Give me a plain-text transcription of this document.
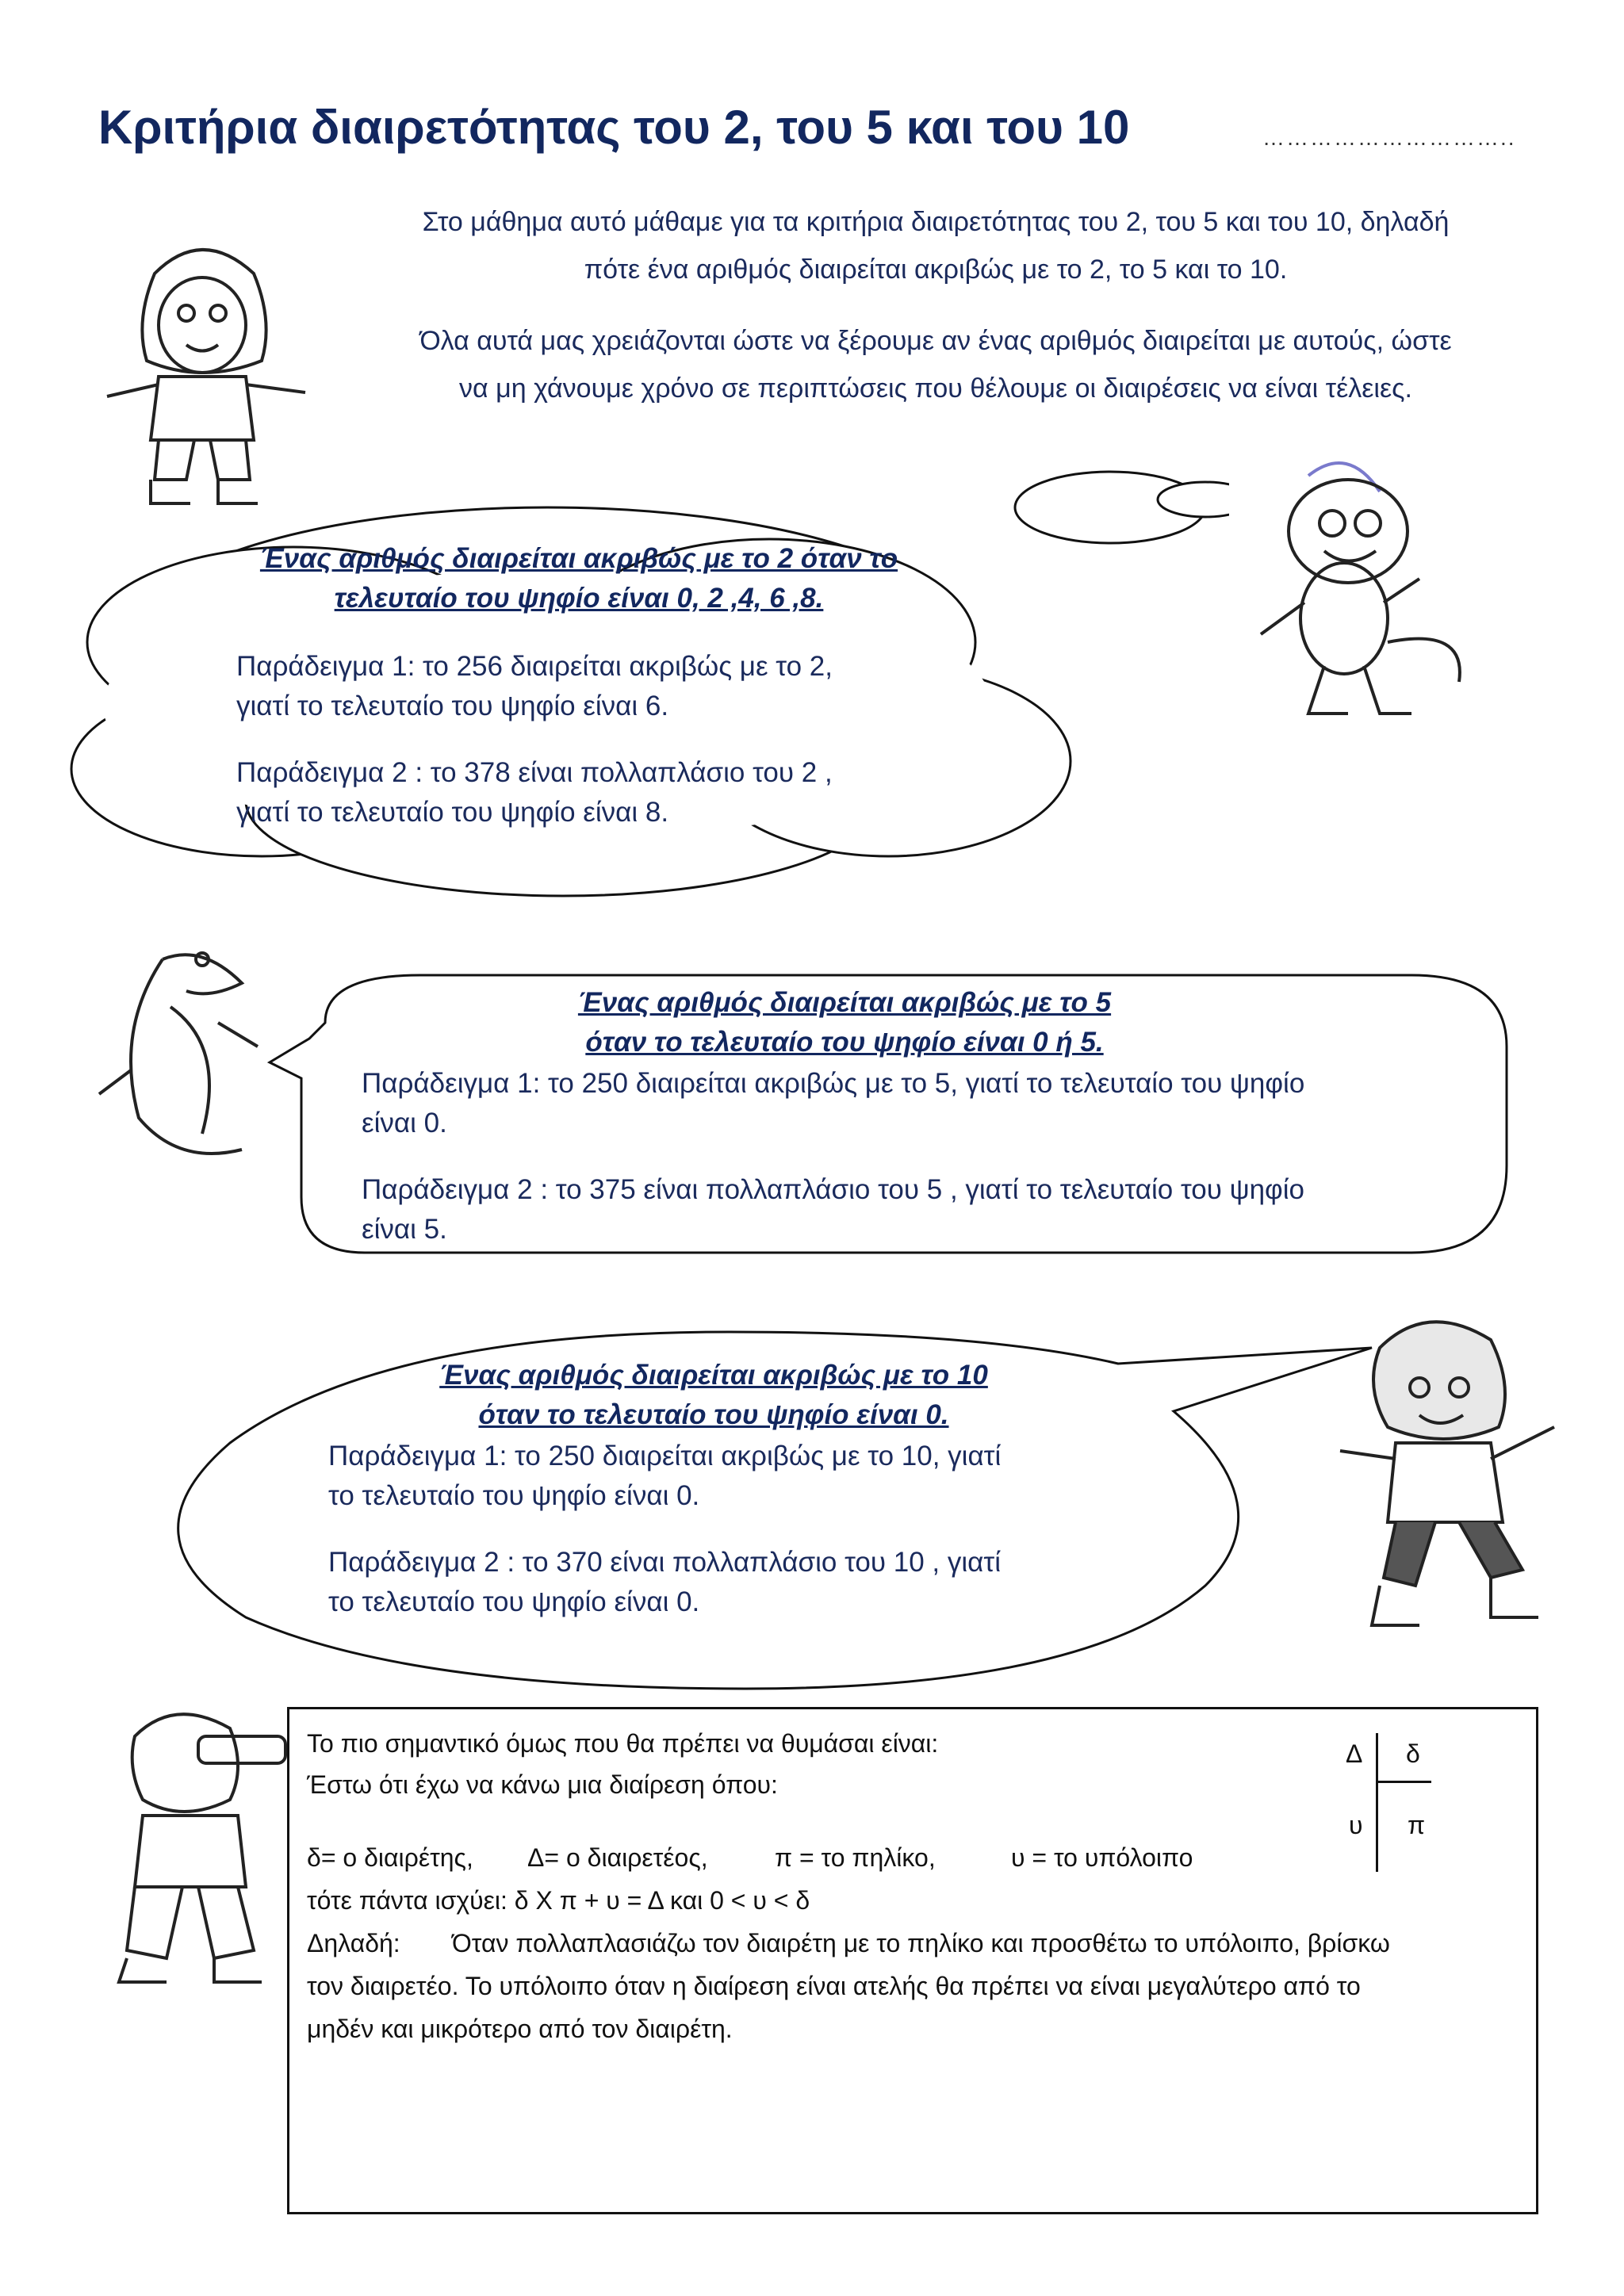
Κριτήρια διαιρετότητας του 2, του 5 και του 10	…………………………..
Στο μάθημα αυτό μάθαμε για τα κριτήρια διαιρετότητας του 2, του 5 και του 10, δηλαδή
πότε ένα αριθμός διαιρείται ακριβώς με το 2, το 5 και το 10.
Όλα αυτά μας χρειάζονται ώστε να ξέρουμε αν ένας αριθμός διαιρείται με αυτούς, ώστε
να μη χάνουμε χρόνο σε περιπτώσεις που θέλουμε οι διαιρέσεις να είναι τέλειες.
Ένας αριθμός διαιρείται ακριβώς με το 2 όταν το
τελευταίο του ψηφίο είναι 0, 2 ,4, 6 ,8.
Παράδειγμα 1: το 256 διαιρείται ακριβώς με το 2,
γιατί το τελευταίο του ψηφίο είναι 6.
Παράδειγμα 2 : το 378 είναι πολλαπλάσιο του 2 ,
γιατί το τελευταίο του ψηφίο είναι 8.
Ένας αριθμός διαιρείται ακριβώς με το 5
όταν το τελευταίο του ψηφίο είναι 0 ή 5.
Παράδειγμα 1: το 250 διαιρείται ακριβώς με το 5, γιατί το τελευταίο του ψηφίο
είναι 0.
Παράδειγμα 2 : το 375 είναι πολλαπλάσιο του 5 , γιατί το τελευταίο του ψηφίο
είναι 5.
Ένας αριθμός διαιρείται ακριβώς με το 10
όταν το τελευταίο του ψηφίο είναι 0.
Παράδειγμα 1: το 250 διαιρείται ακριβώς με το 10, γιατί
το τελευταίο του ψηφίο είναι 0.
Παράδειγμα 2 : το 370 είναι πολλαπλάσιο του 10 , γιατί
το τελευταίο του ψηφίο είναι 0.
Το πιο σημαντικό όμως που θα πρέπει να θυμάσαι είναι:
Έστω ότι έχω να κάνω μια διαίρεση όπου:
δ= ο διαιρέτης, Δ= ο διαιρετέος,	π = το πηλίκο,	υ = το υπόλοιπο
τότε πάντα ισχύει: δ Χ π + υ = Δ και 0 < υ < δ
Δηλαδή: Όταν πολλαπλασιάζω τον διαιρέτη με το πηλίκο και προσθέτω το υπόλοιπο, βρίσκω
τον διαιρετέο. Το υπόλοιπο όταν η διαίρεση είναι ατελής θα πρέπει να είναι μεγαλύτερο από το
μηδέν και μικρότερο από τον διαιρέτη.
Δ δ
υ π
